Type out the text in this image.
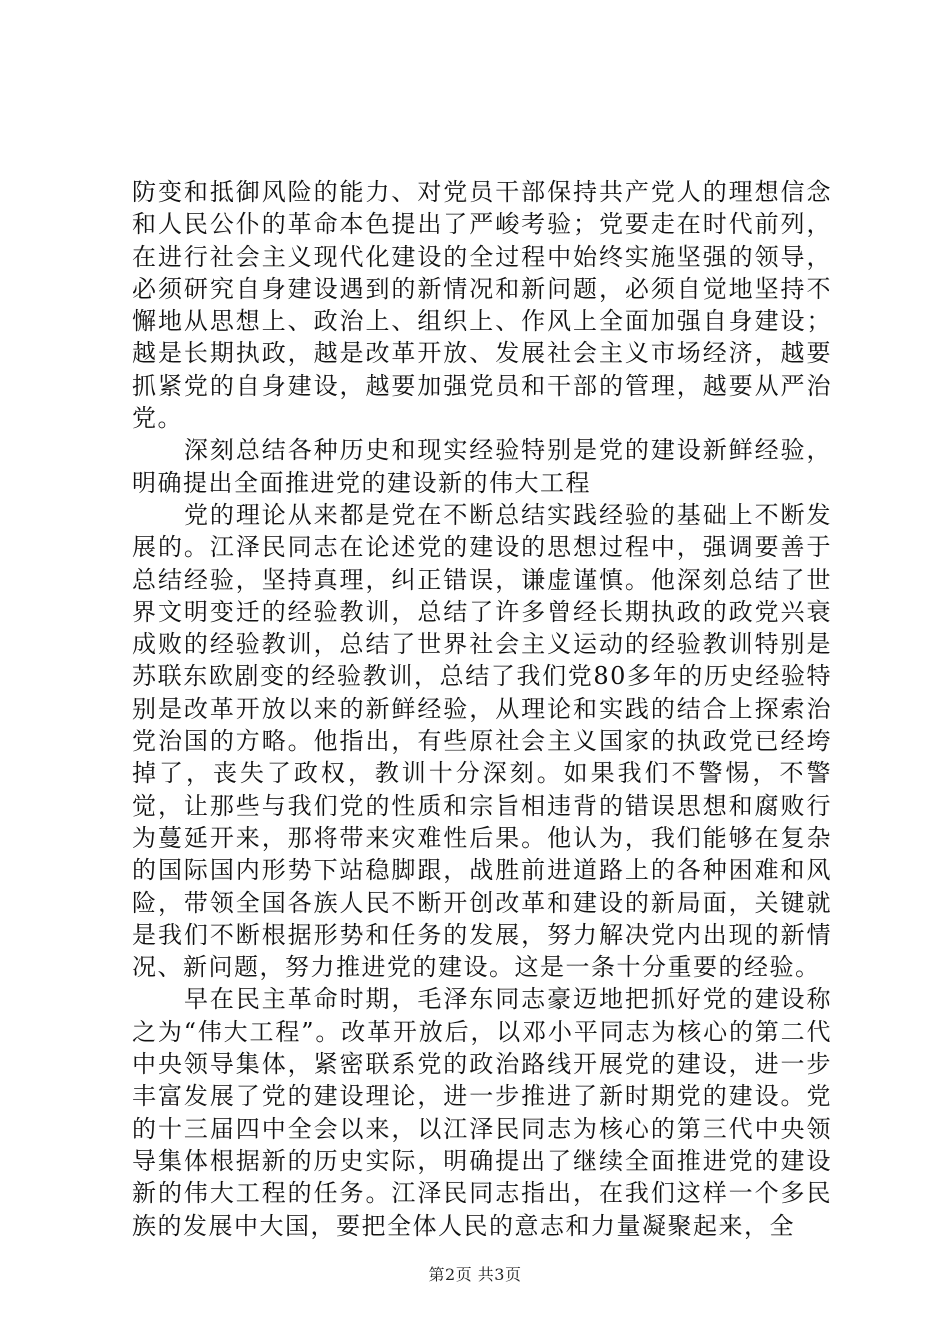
防变和抵御风险的能力、对党员干部保持共产党人的理想信念和人民公仆的革命本色提出了严峻考验；党要走在时代前列，在进行社会主义现代化建设的全过程中始终实施坚强的领导，必须研究自身建设遇到的新情况和新问题，必须自觉地坚持不懈地从思想上、政治上、组织上、作风上全面加强自身建设；越是长期执政，越是改革开放、发展社会主义市场经济，越要抓紧党的自身建设，越要加强党员和干部的管理，越要从严治党。

深刻总结各种历史和现实经验特别是党的建设新鲜经验，明确提出全面推进党的建设新的伟大工程

党的理论从来都是党在不断总结实践经验的基础上不断发展的。江泽民同志在论述党的建设的思想过程中，强调要善于总结经验，坚持真理，纠正错误，谦虚谨慎。他深刻总结了世界文明变迁的经验教训，总结了许多曾经长期执政的政党兴衰成败的经验教训，总结了世界社会主义运动的经验教训特别是苏联东欧剧变的经验教训，总结了我们党80多年的历史经验特别是改革开放以来的新鲜经验，从理论和实践的结合上探索治党治国的方略。他指出，有些原社会主义国家的执政党已经垮掉了，丧失了政权，教训十分深刻。如果我们不警惕，不警觉，让那些与我们党的性质和宗旨相违背的错误思想和腐败行为蔓延开来，那将带来灾难性后果。他认为，我们能够在复杂的国际国内形势下站稳脚跟，战胜前进道路上的各种困难和风险，带领全国各族人民不断开创改革和建设的新局面，关键就是我们不断根据形势和任务的发展，努力解决党内出现的新情况、新问题，努力推进党的建设。这是一条十分重要的经验。

早在民主革命时期，毛泽东同志豪迈地把抓好党的建设称之为“伟大工程”。改革开放后，以邓小平同志为核心的第二代中央领导集体，紧密联系党的政治路线开展党的建设，进一步丰富发展了党的建设理论，进一步推进了新时期党的建设。党的十三届四中全会以来，以江泽民同志为核心的第三代中央领导集体根据新的历史实际，明确提出了继续全面推进党的建设新的伟大工程的任务。江泽民同志指出，在我们这样一个多民族的发展中大国，要把全体人民的意志和力量凝聚起来，全

第2页 共3页
